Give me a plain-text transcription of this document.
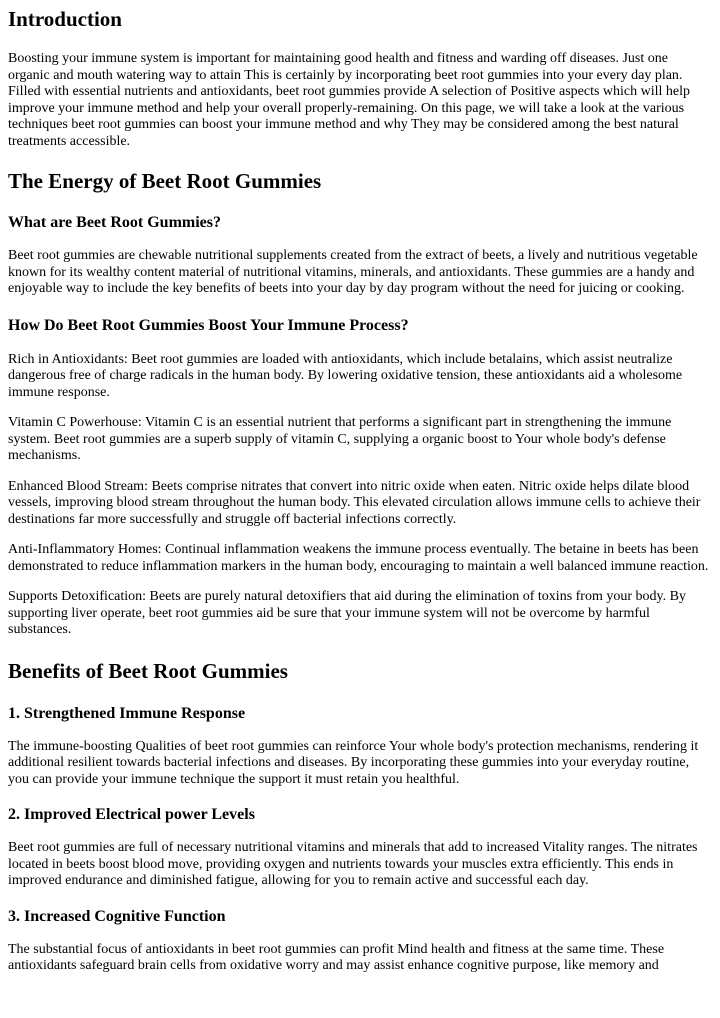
Introduction

Boosting your immune system is important for maintaining good health and fitness and warding off diseases. Just one organic and mouth watering way to attain This is certainly by incorporating beet root gummies into your every day plan. Filled with essential nutrients and antioxidants, beet root gummies provide A selection of Positive aspects which will help improve your immune method and help your overall properly-remaining. On this page, we will take a look at the various techniques beet root gummies can boost your immune method and why They may be considered among the best natural treatments accessible.

The Energy of Beet Root Gummies
What are Beet Root Gummies?

Beet root gummies are chewable nutritional supplements created from the extract of beets, a lively and nutritious vegetable known for its wealthy content material of nutritional vitamins, minerals, and antioxidants. These gummies are a handy and enjoyable way to include the key benefits of beets into your day by day program without the need for juicing or cooking.

How Do Beet Root Gummies Boost Your Immune Process?

Rich in Antioxidants: Beet root gummies are loaded with antioxidants, which include betalains, which assist neutralize dangerous free of charge radicals in the human body. By lowering oxidative tension, these antioxidants aid a wholesome immune response.

Vitamin C Powerhouse: Vitamin C is an essential nutrient that performs a significant part in strengthening the immune system. Beet root gummies are a superb supply of vitamin C, supplying a organic boost to Your whole body's defense mechanisms.

Enhanced Blood Stream: Beets comprise nitrates that convert into nitric oxide when eaten. Nitric oxide helps dilate blood vessels, improving blood stream throughout the human body. This elevated circulation allows immune cells to achieve their destinations far more successfully and struggle off bacterial infections correctly.

Anti-Inflammatory Homes: Continual inflammation weakens the immune process eventually. The betaine in beets has been demonstrated to reduce inflammation markers in the human body, encouraging to maintain a well balanced immune reaction.

Supports Detoxification: Beets are purely natural detoxifiers that aid during the elimination of toxins from your body. By supporting liver operate, beet root gummies aid be sure that your immune system will not be overcome by harmful substances.

Benefits of Beet Root Gummies
1. Strengthened Immune Response

The immune-boosting Qualities of beet root gummies can reinforce Your whole body's protection mechanisms, rendering it additional resilient towards bacterial infections and diseases. By incorporating these gummies into your everyday routine, you can provide your immune technique the support it must retain you healthful.

2. Improved Electrical power Levels

Beet root gummies are full of necessary nutritional vitamins and minerals that add to increased Vitality ranges. The nitrates located in beets boost blood move, providing oxygen and nutrients towards your muscles extra efficiently. This ends in improved endurance and diminished fatigue, allowing for you to remain active and successful each day.

3. Increased Cognitive Function

The substantial focus of antioxidants in beet root gummies can profit Mind health and fitness at the same time. These antioxidants safeguard brain cells from oxidative worry and may assist enhance cognitive purpose, like memory and
